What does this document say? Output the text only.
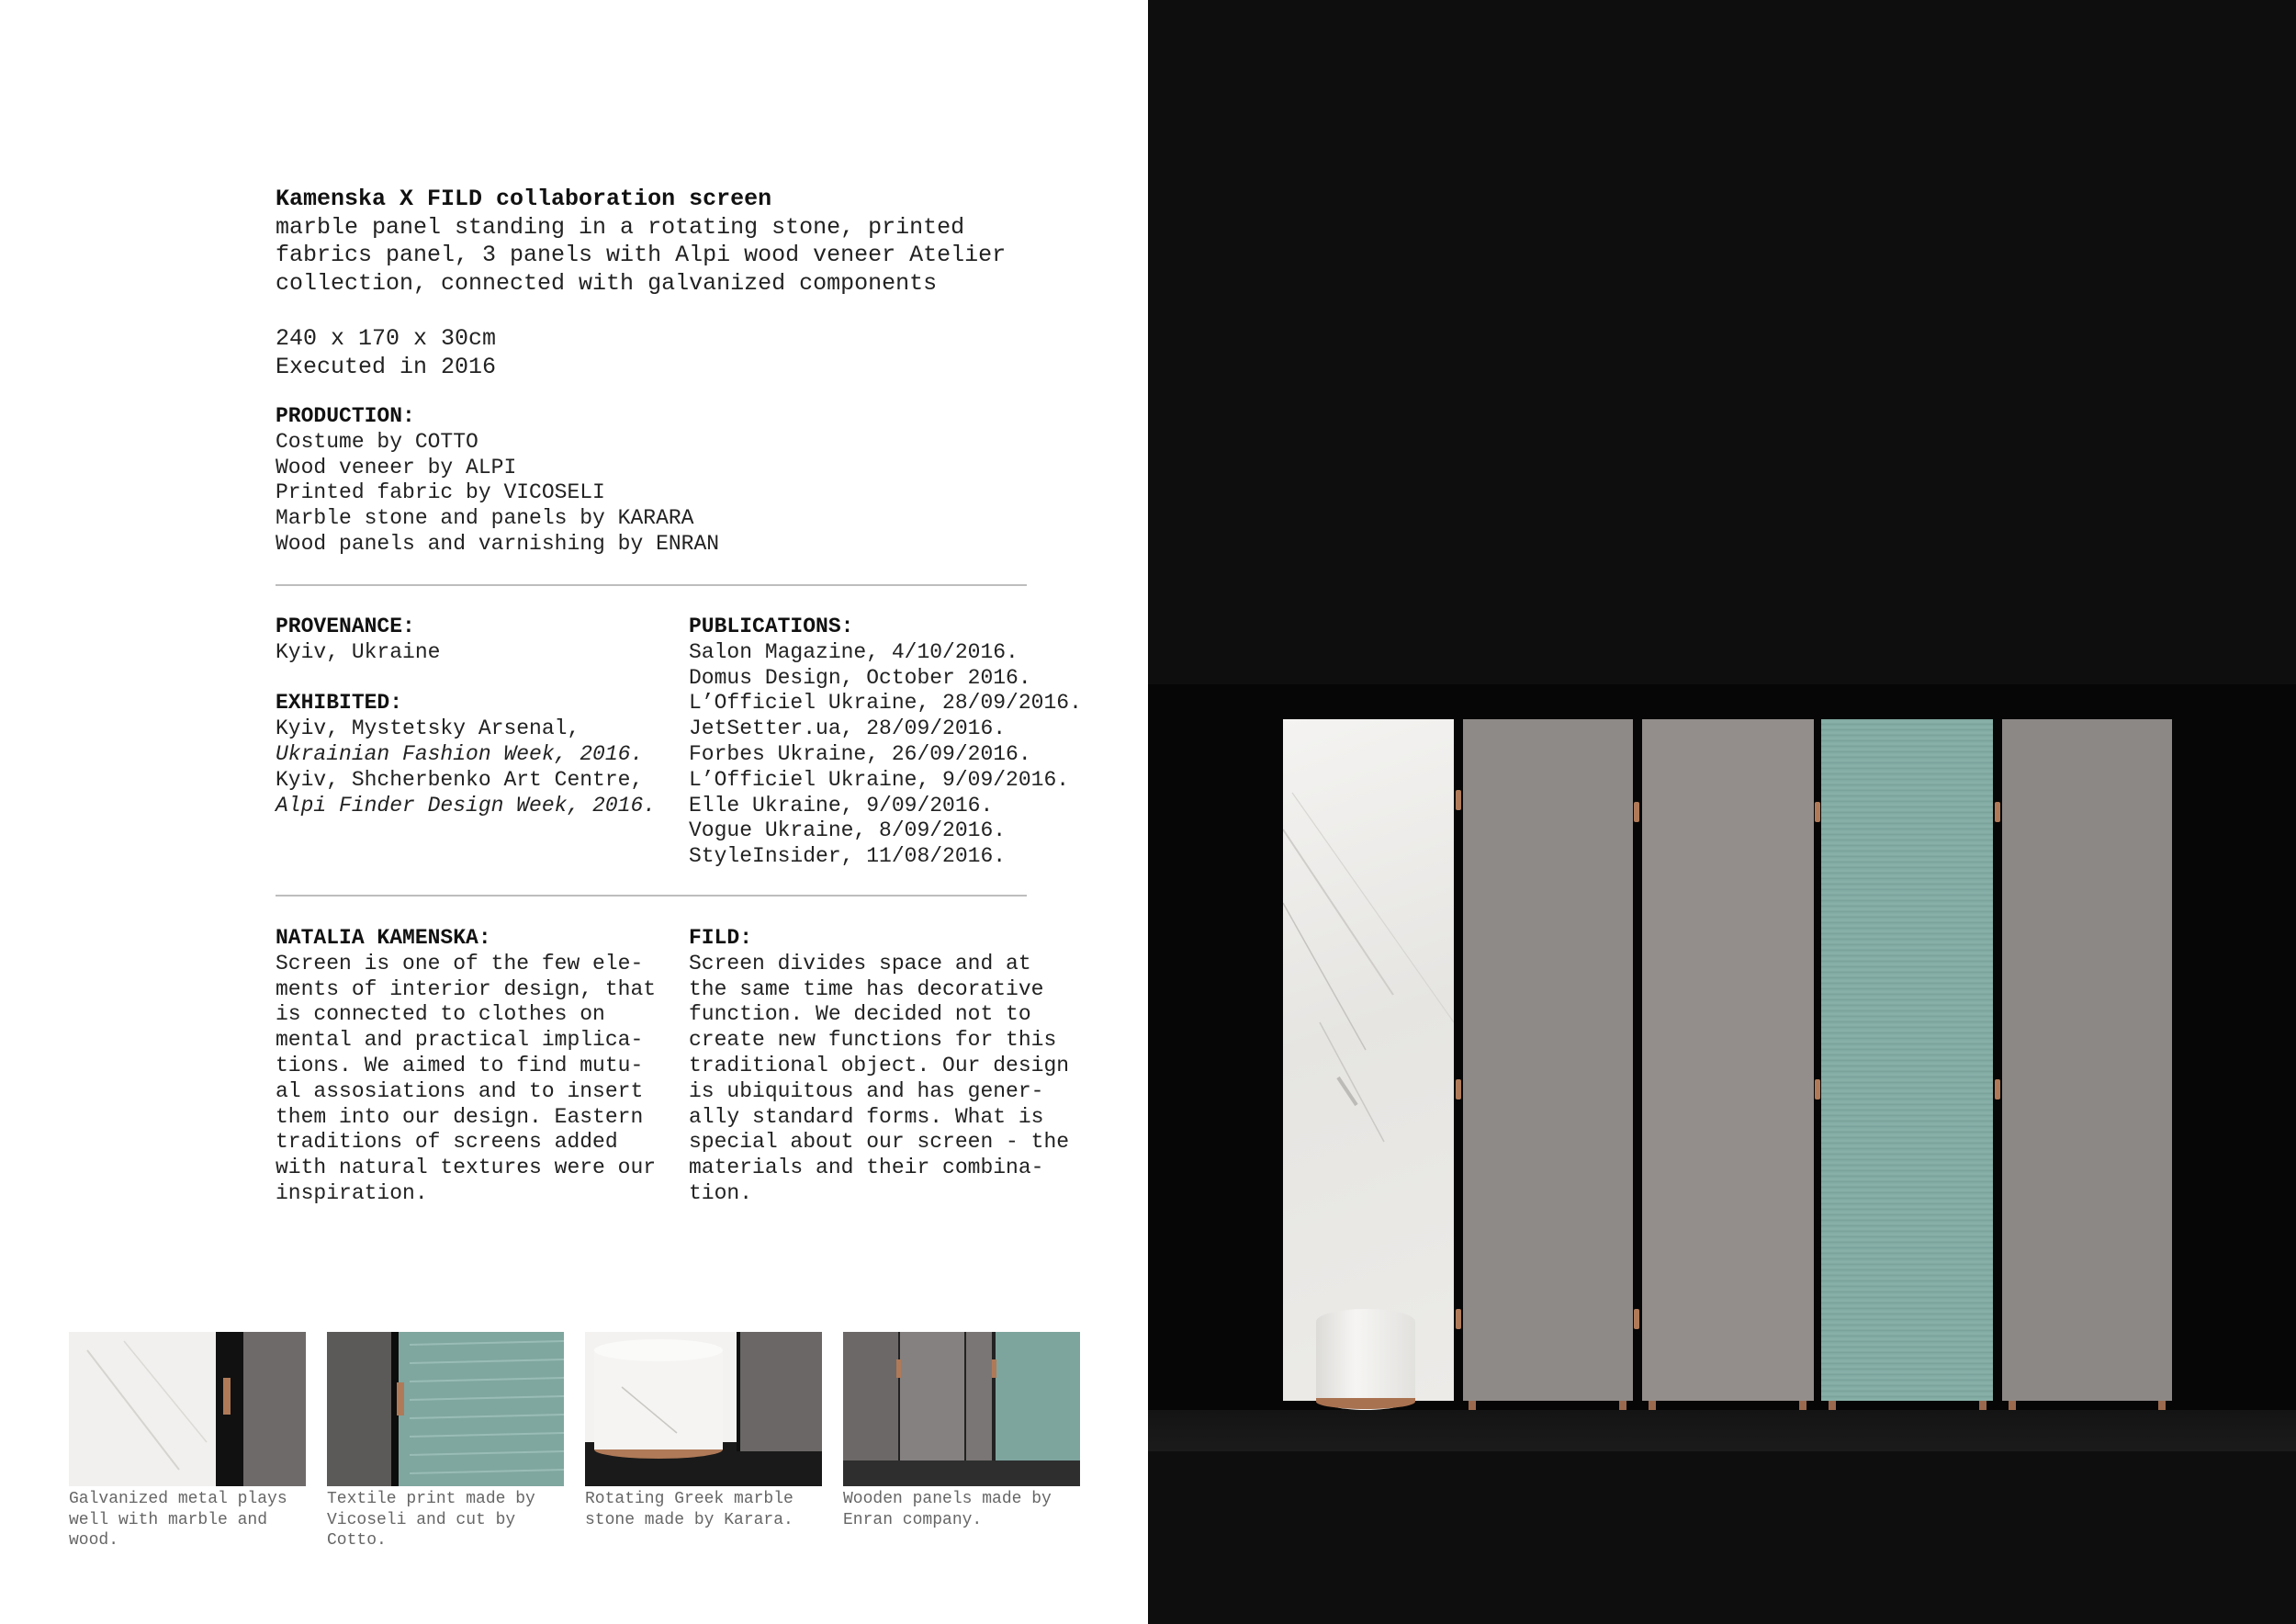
Kamenska X FILD collaboration screen
marble panel standing in a rotating stone, printed
fabrics panel, 3 panels with Alpi wood veneer Atelier
collection, connected with galvanized components
240 x 170 x 30cm
Executed in 2016
PRODUCTION:
Costume by COTTO
Wood veneer by ALPI
Printed fabric by VICOSELI
Marble stone and panels by KARARA
Wood panels and varnishing by ENRAN
PROVENANCE:
Kyiv, Ukraine
EXHIBITED:
Kyiv, Mystetsky Arsenal,
Ukrainian Fashion Week, 2016.
Kyiv, Shcherbenko Art Centre,
Alpi Finder Design Week, 2016.
PUBLICATIONS:
Salon Magazine, 4/10/2016.
Domus Design, October 2016.
L’Officiel Ukraine, 28/09/2016.
JetSetter.ua, 28/09/2016.
Forbes Ukraine, 26/09/2016.
L’Officiel Ukraine, 9/09/2016.
Elle Ukraine, 9/09/2016.
Vogue Ukraine, 8/09/2016.
StyleInsider, 11/08/2016.
NATALIA KAMENSKA:
Screen is one of the few ele-
ments of interior design, that
is connected to clothes on
mental and practical implica-
tions. We aimed to find mutu-
al assosiations and to insert
them into our design. Eastern
traditions of screens added
with natural textures were our
inspiration.
FILD:
Screen divides space and at
the same time has decorative
function. We decided not to
create new functions for this
traditional object. Our design
is ubiquitous and has gener-
ally standard forms. What is
special about our screen - the
materials and their combina-
tion.
Galvanized metal plays
well with marble and
wood.
Textile print made by
Vicoseli and cut by
Cotto.
Rotating Greek marble
stone made by Karara.
Wooden panels made by
Enran company.
